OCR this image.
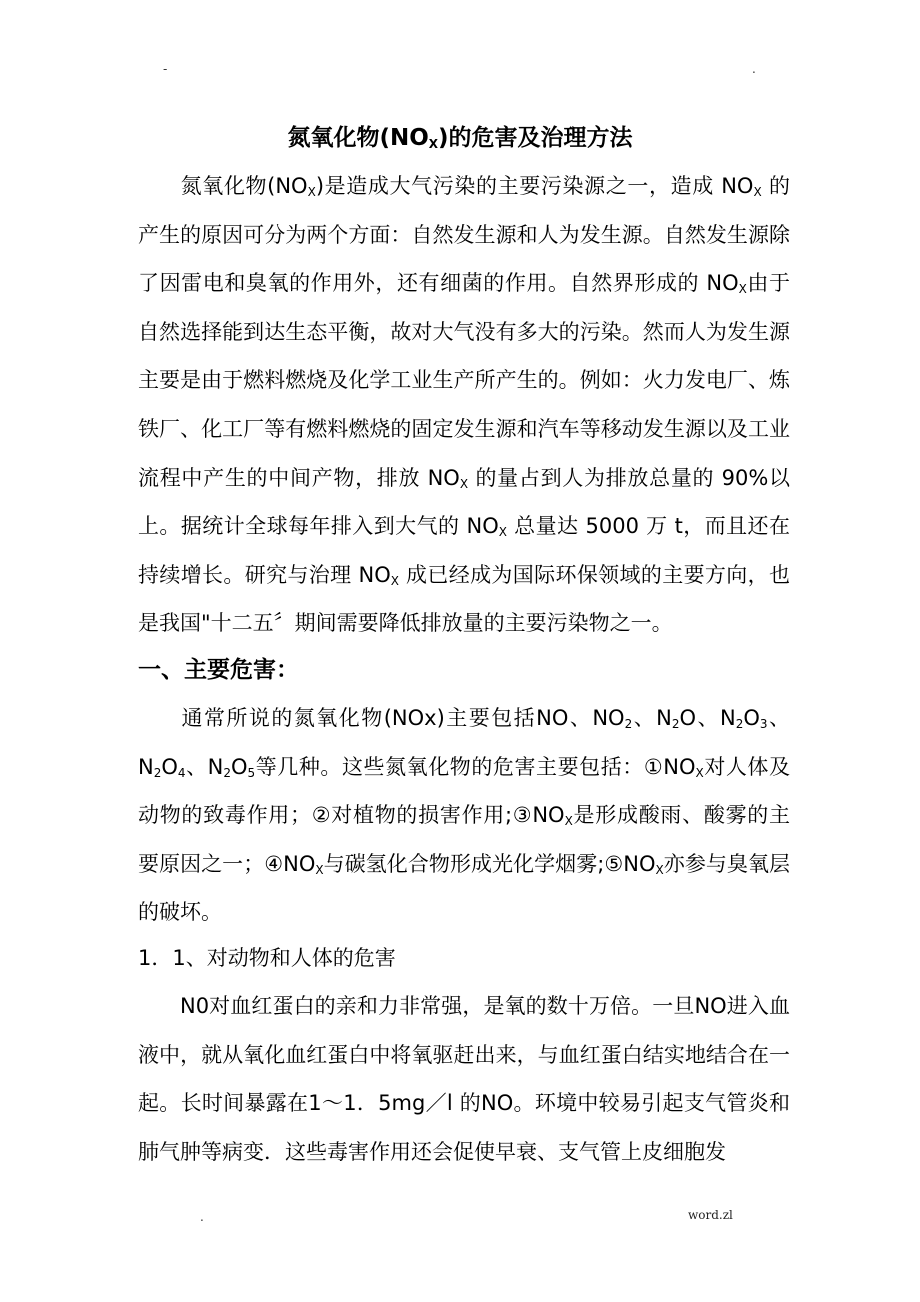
-	.
氮氧化物$(NO_X)$的危害及治理方法
氮氧化物$(NO_X)$是造成大气污染的主要污染源之一，造成 $NO_X$ 的产生的原因可分为两个方面：自然发生源和人为发生源。自然发生源除了因雷电和臭氧的作用外，还有细菌的作用。自然界形成的 $NO_X$由于自然选择能到达生态平衡，故对大气没有多大的污染。然而人为发生源主要是由于燃料燃烧及化学工业生产所产生的。例如：火力发电厂、炼铁厂、化工厂等有燃料燃烧的固定发生源和汽车等移动发生源以及工业流程中产生的中间产物，排放 $NO_X$ 的量占到人为排放总量的 90%以上。据统计全球每年排入到大气的 $NO_X$ 总量达 5000 万 t，而且还在持续增长。研究与治理 $NO_X$ 成已经成为国际环保领域的主要方向，也是我国"十二五〞期间需要降低排放量的主要污染物之一。
一、主要危害：
通常所说的氮氧化物(NOx)主要包括NO、$NO_2$、$N_2O$、$N_2O_3$、$N_2O_4$、$N_2O_5$等几种。这些氮氧化物的危害主要包括：$①NO_X$对人体及动物的致毒作用；②对植物的损害作用$;③NO_X$是形成酸雨、酸雾的主要原因之一；$④NO_X$与碳氢化合物形成光化学烟雾$;⑤NO_X$亦参与臭氧层的破坏。
1．1、对动物和人体的危害
N0对血红蛋白的亲和力非常强，是氧的数十万倍。一旦NO进入血液中，就从氧化血红蛋白中将氧驱赶出来，与血红蛋白结实地结合在一起。长时间暴露在1～1．5mg／l 的NO。环境中较易引起支气管炎和肺气肿等病变．这些毒害作用还会促使早衰、支气管上皮细胞发
.	word.zl
